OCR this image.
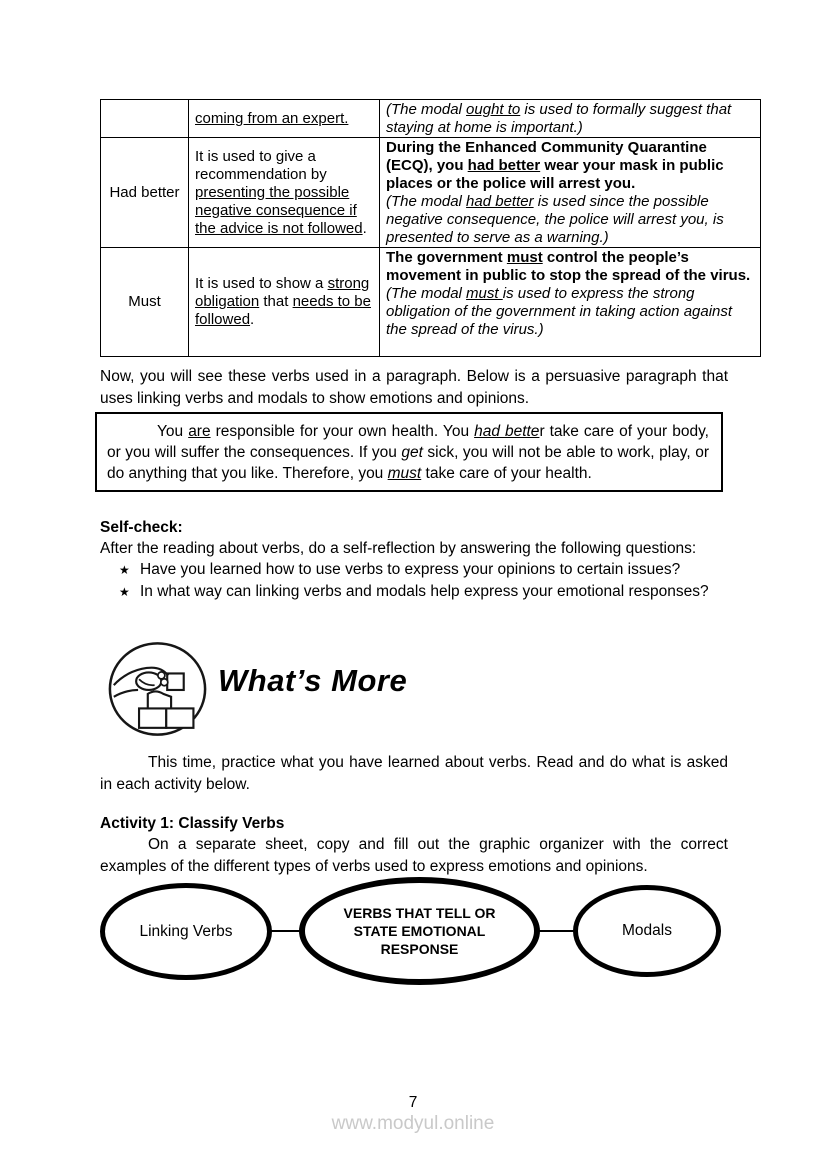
	coming from an expert.	(The modal ought to is used to formally suggest that staying at home is important.)
Had better	It is used to give a recommendation by presenting the possible negative consequence if the advice is not followed.	During the Enhanced Community Quarantine (ECQ), you had better wear your mask in public places or the police will arrest you.
(The modal had better is used since the possible negative consequence, the police will arrest you, is presented to serve as a warning.)
Must	It is used to show a strong obligation that needs to be followed.	The government must control the people’s movement in public to stop the spread of the virus.
(The modal must is used to express the strong obligation of the government in taking action against the spread of the virus.)
Now, you will see these verbs used in a paragraph. Below is a persuasive paragraph that uses linking verbs and modals to show emotions and opinions.
You are responsible for your own health. You had better take care of your body, or you will suffer the consequences. If you get sick, you will not be able to work, play, or do anything that you like. Therefore, you must take care of your health.
Self-check:
After the reading about verbs, do a self-reflection by answering the following questions:
★ Have you learned how to use verbs to express your opinions to certain issues?
★ In what way can linking verbs and modals help express your emotional responses?
What’s More
This time, practice what you have learned about verbs. Read and do what is asked in each activity below.
Activity 1: Classify Verbs
On a separate sheet, copy and fill out the graphic organizer with the correct examples of the different types of verbs used to express emotions and opinions.
Linking Verbs
VERBS THAT TELL OR STATE EMOTIONAL RESPONSE
Modals
7
www.modyul.online
